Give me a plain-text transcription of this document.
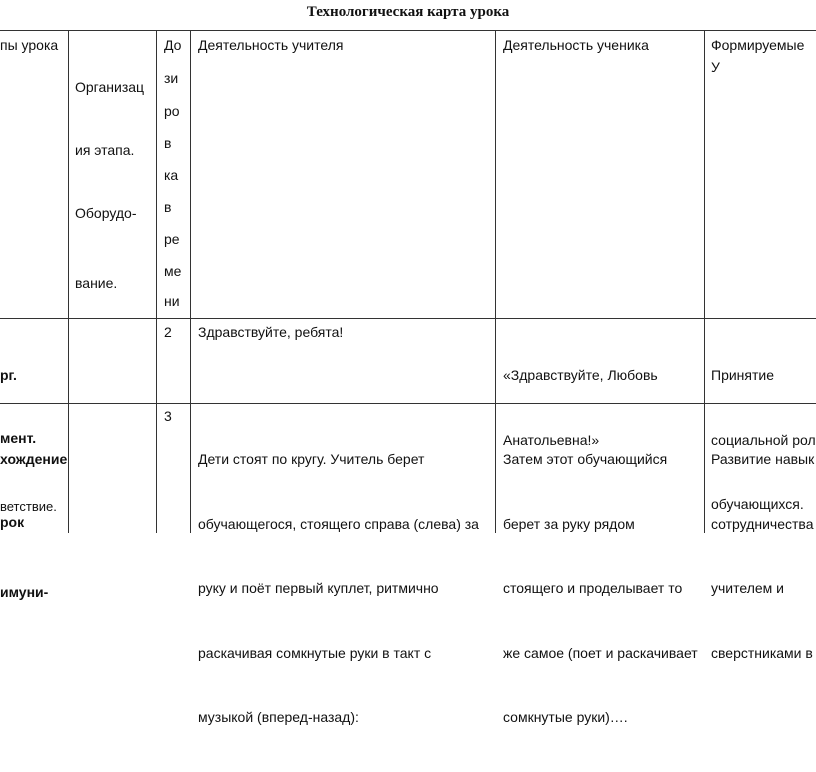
Технологическая карта урока
пы урока

Организац

ия этапа.

Оборудо-

вание.

До
зи
ро
в
ка
в
ре
ме
ни
Деятельность учителя	Деятельность ученика	Формируемые У

рг.

мент.

ветствие.

2 Здравствуйте, ребята!

«Здравствуйте, Любовь

Анатольевна!»

Принятие

социальной рол

обучающихся.

хождение

рок

имуни-

3

Дети стоят по кругу. Учитель берет

обучающегося, стоящего справа (слева) за

руку и поёт первый куплет, ритмично

раскачивая сомкнутые руки в такт с

музыкой (вперед-назад):

Затем этот обучающийся

берет за руку рядом

стоящего и проделывает то

же самое (поет и раскачивает

сомкнутые руки)….

Развитие навык

сотрудничества

учителем и

сверстниками в
